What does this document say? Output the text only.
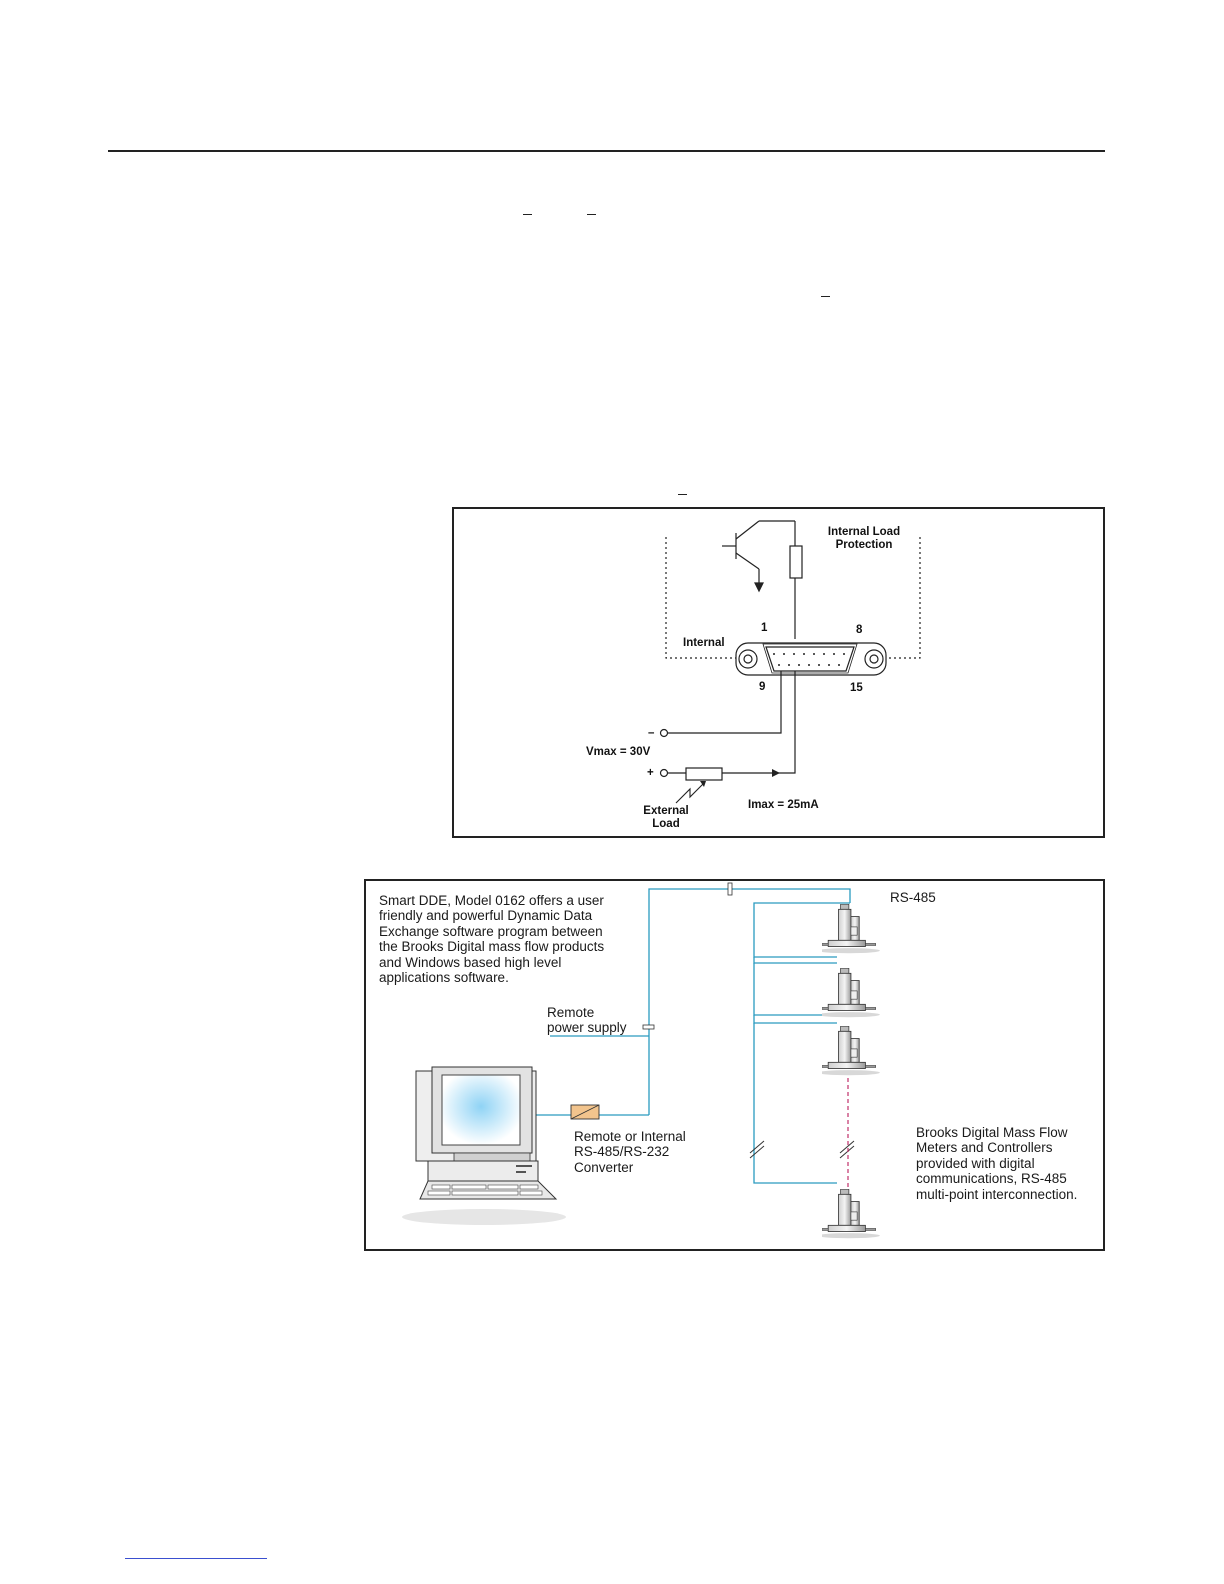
Internal Load
Protection
Internal
1	8
9	15
–
Vmax = 30V
+
External
Load
Imax = 25mA
Smart DDE, Model 0162 offers a user friendly and powerful Dynamic Data Exchange software program between the Brooks Digital mass flow products and Windows based high level applications software.
RS-485
Remote
power supply
Remote or Internal
RS-485/RS-232
Converter
Brooks Digital Mass Flow Meters and Controllers provided with digital communications, RS-485 multi-point interconnection.
